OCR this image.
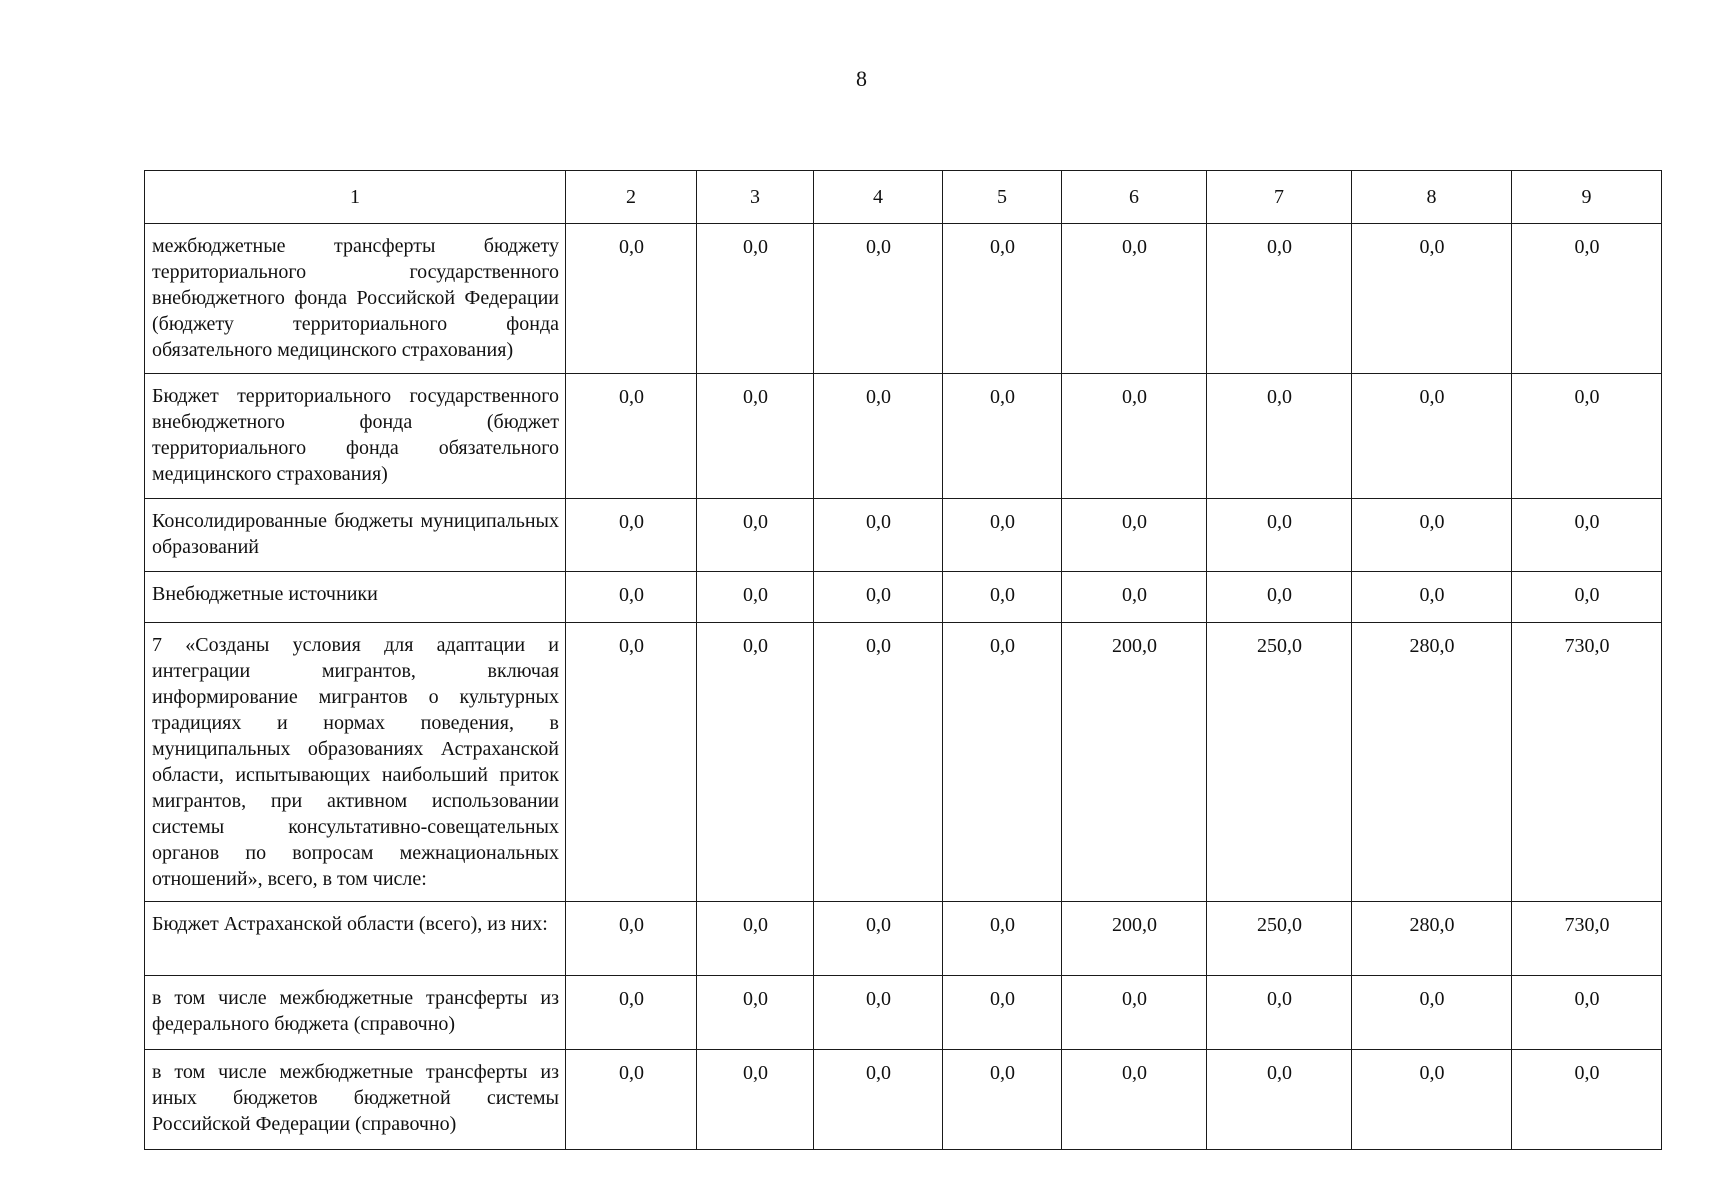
8
1	2	3	4	5	6	7	8	9
межбюджетные трансферты бюджету территориального государственного внебюджетного фонда Российской Федерации (бюджету территориального фонда обязательного медицинского страхования)	0,0	0,0	0,0	0,0	0,0	0,0	0,0	0,0
Бюджет территориального государственного внебюджетного фонда (бюджет территориального фонда обязательного медицинского страхования)	0,0	0,0	0,0	0,0	0,0	0,0	0,0	0,0
Консолидированные бюджеты муниципальных образований	0,0	0,0	0,0	0,0	0,0	0,0	0,0	0,0
Внебюджетные источники	0,0	0,0	0,0	0,0	0,0	0,0	0,0	0,0
7 «Созданы условия для адаптации и интеграции мигрантов, включая информирование мигрантов о культурных традициях и нормах поведения, в муниципальных образованиях Астраханской области, испытывающих наибольший приток мигрантов, при активном использовании системы консультативно-совещательных органов по вопросам межнациональных отношений», всего, в том числе:	0,0	0,0	0,0	0,0	200,0	250,0	280,0	730,0
Бюджет Астраханской области (всего), из них:	0,0	0,0	0,0	0,0	200,0	250,0	280,0	730,0
в том числе межбюджетные трансферты из федерального бюджета (справочно)	0,0	0,0	0,0	0,0	0,0	0,0	0,0	0,0
в том числе межбюджетные трансферты из иных бюджетов бюджетной системы Российской Федерации (справочно)	0,0	0,0	0,0	0,0	0,0	0,0	0,0	0,0
